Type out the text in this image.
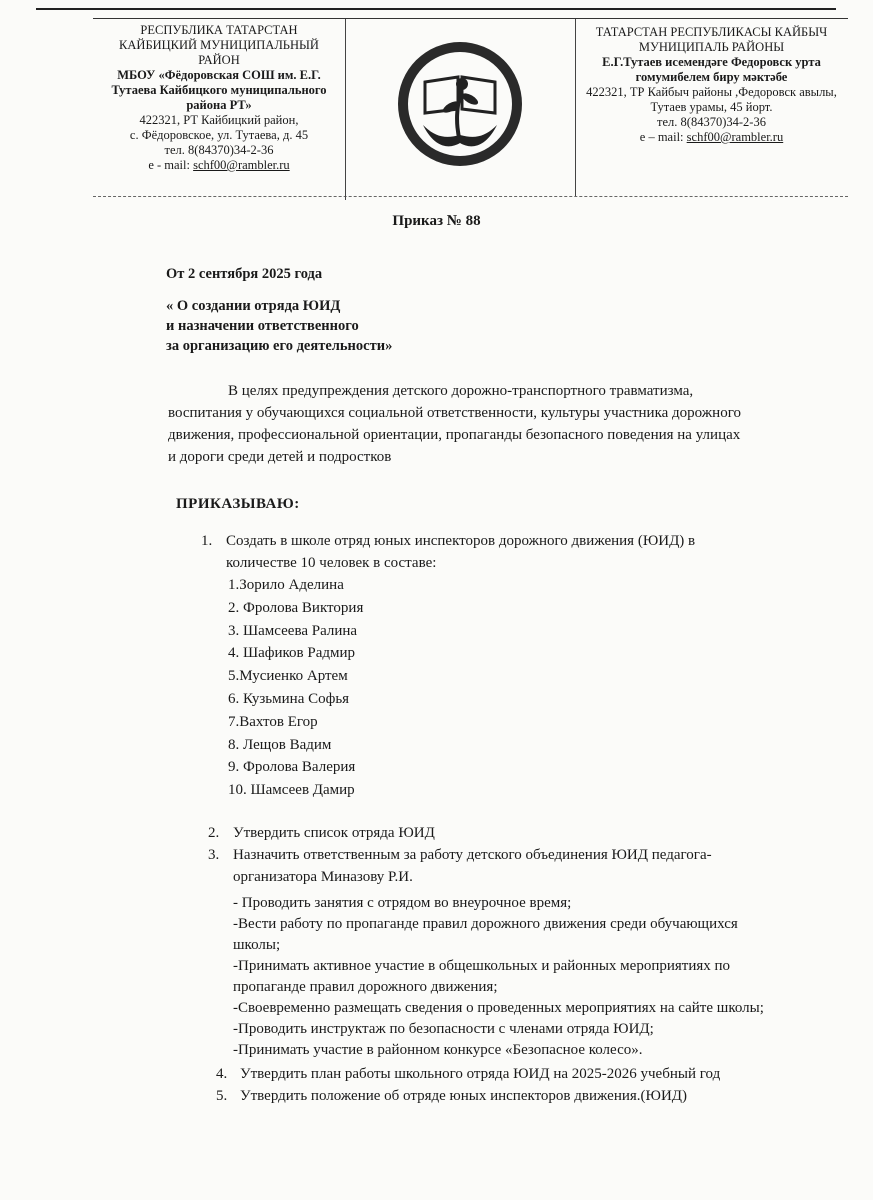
РЕСПУБЛИКА ТАТАРСТАН
КАЙБИЦКИЙ МУНИЦИПАЛЬНЫЙ
РАЙОН
МБОУ «Фёдоровская СОШ им. Е.Г.
Тутаева Кайбицкого муниципального
района РТ»
422321, РТ Кайбицкий район,
с. Фёдоровское, ул. Тутаева, д. 45
тел. 8(84370)34-2-36
e - mail: schf00@rambler.ru
ТАТАРСТАН РЕСПУБЛИКАСЫ КАЙБЫЧ
МУНИЦИПАЛЬ РАЙОНЫ
Е.Г.Тутаев исемендәге Федоровск урта
гомумибелем биру мәктәбе
422321, ТР Кайбыч районы ,Федоровск авылы,
Тутаев урамы, 45 йорт.
тел. 8(84370)34-2-36
e – mail: schf00@rambler.ru
Приказ № 88
От 2 сентября 2025 года
« О создании отряда ЮИД
и назначении ответственного
за организацию его деятельности»

В целях предупреждения детского дорожно-транспортного травматизма,

воспитания у обучающихся социальной ответственности, культуры участника дорожного

движения, профессиональной ориентации, пропаганды безопасного поведения на улицах

и дороги среди детей и подростков

ПРИКАЗЫВАЮ:
1. Создать в школе отряд юных инспекторов дорожного движения (ЮИД) в
количестве 10 человек в составе:
1.Зорило Аделина
2. Фролова Виктория
3. Шамсеева Ралина
4. Шафиков Радмир
5.Мусиенко Артем
6. Кузьмина Софья
7.Вахтов Егор
8. Лещов Вадим
9. Фролова Валерия
10. Шамсеев Дамир
2. Утвердить список отряда ЮИД
3. Назначить ответственным за работу детского объединения ЮИД педагога-
организатора Миназову Р.И.
- Проводить занятия с отрядом во внеурочное время;
-Вести работу по пропаганде правил дорожного движения среди обучающихся
школы;
-Принимать активное участие в общешкольных и районных мероприятиях по
пропаганде правил дорожного движения;
-Своевременно размещать сведения о проведенных мероприятиях на сайте школы;
-Проводить инструктаж по безопасности с членами отряда ЮИД;
-Принимать участие в районном конкурсе «Безопасное колесо».
4. Утвердить план работы школьного отряда ЮИД на 2025-2026 учебный год
5. Утвердить положение об отряде юных инспекторов движения.(ЮИД)
